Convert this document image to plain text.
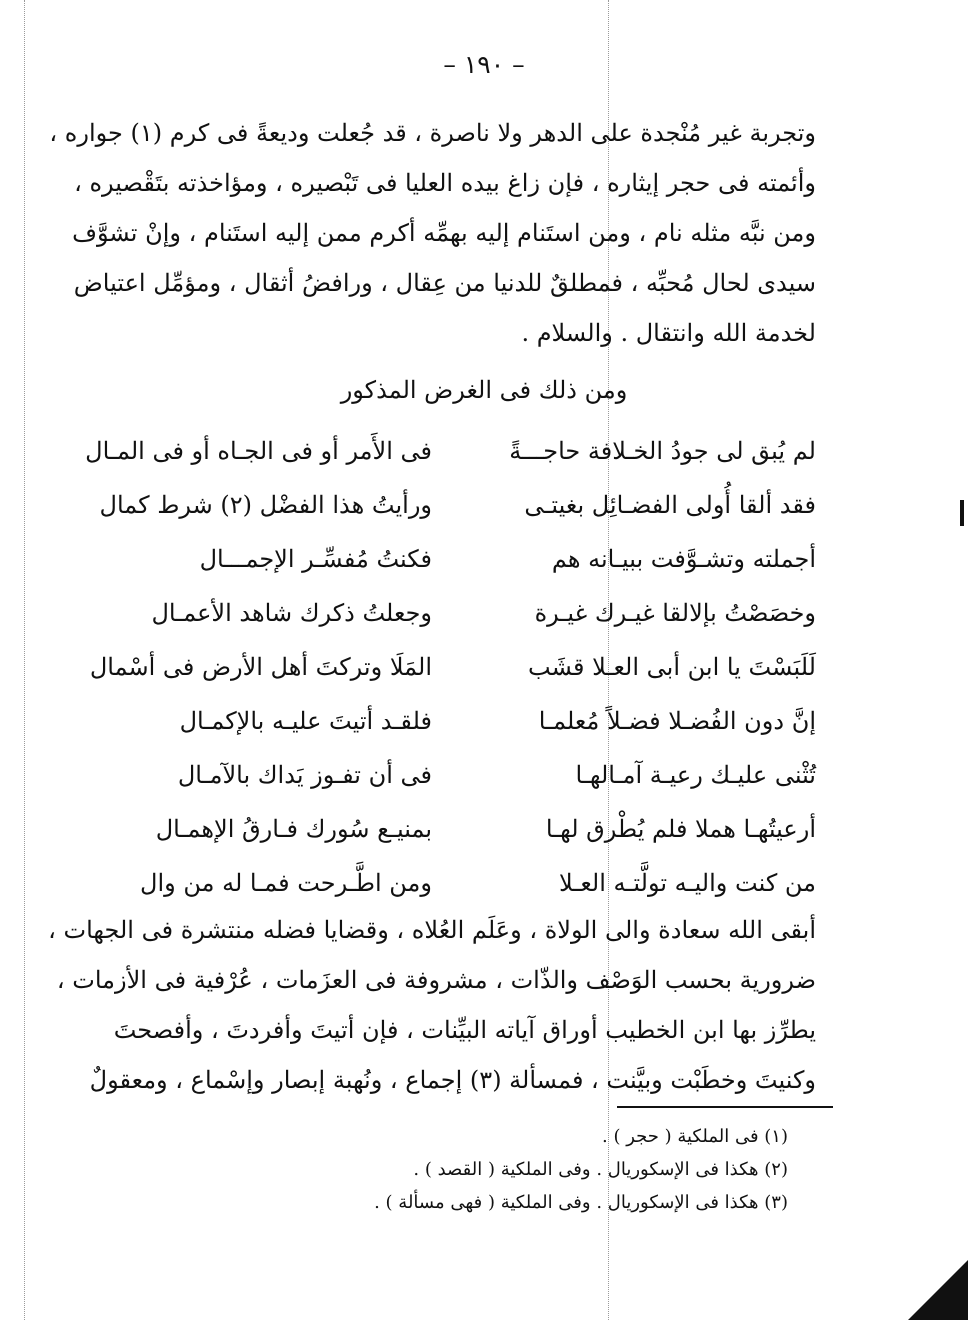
– ١٩٠ –
وتجربة غير مُنْجدة على الدهر ولا ناصرة ، قد جُعلت وديعةً فى كرم (١) جواره ،
وأئمته فى حجر إيثاره ، فإن زاغ بيده العليا فى تَبْصيره ، ومؤاخذته بتَقْصيره ،
ومن نبَّه مثله نام ، ومن استَنام إليه بهمِّه أكرم ممن إليه استَنام ، وإنْ تشوَّف
سيدى لحال مُحبِّه ، فمطلقٌ للدنيا من عِقال ، ورافضُ أثقال ، ومؤمِّل اعتياض
لخدمة الله وانتقال . والسلام .
ومن ذلك فى الغرض المذكور
لم يُبق لى جودُ الخـلافة حاجـــةً
فى الأَمر أو فى الجـاه أو فى المـال
فقد ألقا أُولى الفضـائِل بغيتـى
ورأيتُ هذا الفضْل (٢) شرط كمال
أجملته وتشـوَّفت ببيـانه هم
فكنتُ مُفسِّـر الإجمـــال
وخصَصْتُ بإلالقا غيـرك غيـرة
وجعلتُ ذكرك شاهد الأعمـال
لَلَبَسْتَ يا ابن أبى العـلا قشَب
المَلَا وتركتَ أهل الأرض فى أسْمال
إنَّ دون الفُضـلا فضـلاً مُعلمـا
فلقـد أتيتَ عليـه بالإكمـال
تُثْنى عليـك رعيـة آمـالهـا
فى أن تفـوز يَداك بالآمـال
أرعيتُهـا هملا فلم يُطْرق لهـا
بمنيـع سُورك فـارقُ الإهمـال
من كنت واليـه تولَّتـه العـلا
ومن اطَّـرحت فمـا له من وال
أبقى الله سعادة والى الولاة ، وعَلَم العُلاه ، وقضايا فضله منتشرة فى الجهات ،
ضرورية بحسب الوَصْف والذّات ، مشروفة فى العزَمات ، عُرْفية فى الأزمات ،
يطرِّز بها ابن الخطيب أوراق آياته البيِّنات ، فإن أتيتَ وأفردتَ ، وأفصحتَ
وكنيتَ وخطَبْت وبيَّنت ، فمسألة (٣) إجماع ، ونُهبة إبصار وإسْماع ، ومعقولٌ
(١) فى الملكية ( حجر ) .
(٢) هكذا فى الإسكوريال . وفى الملكية ( القصد ) .
(٣) هكذا فى الإسكوريال . وفى الملكية ( فهى مسألة ) .
